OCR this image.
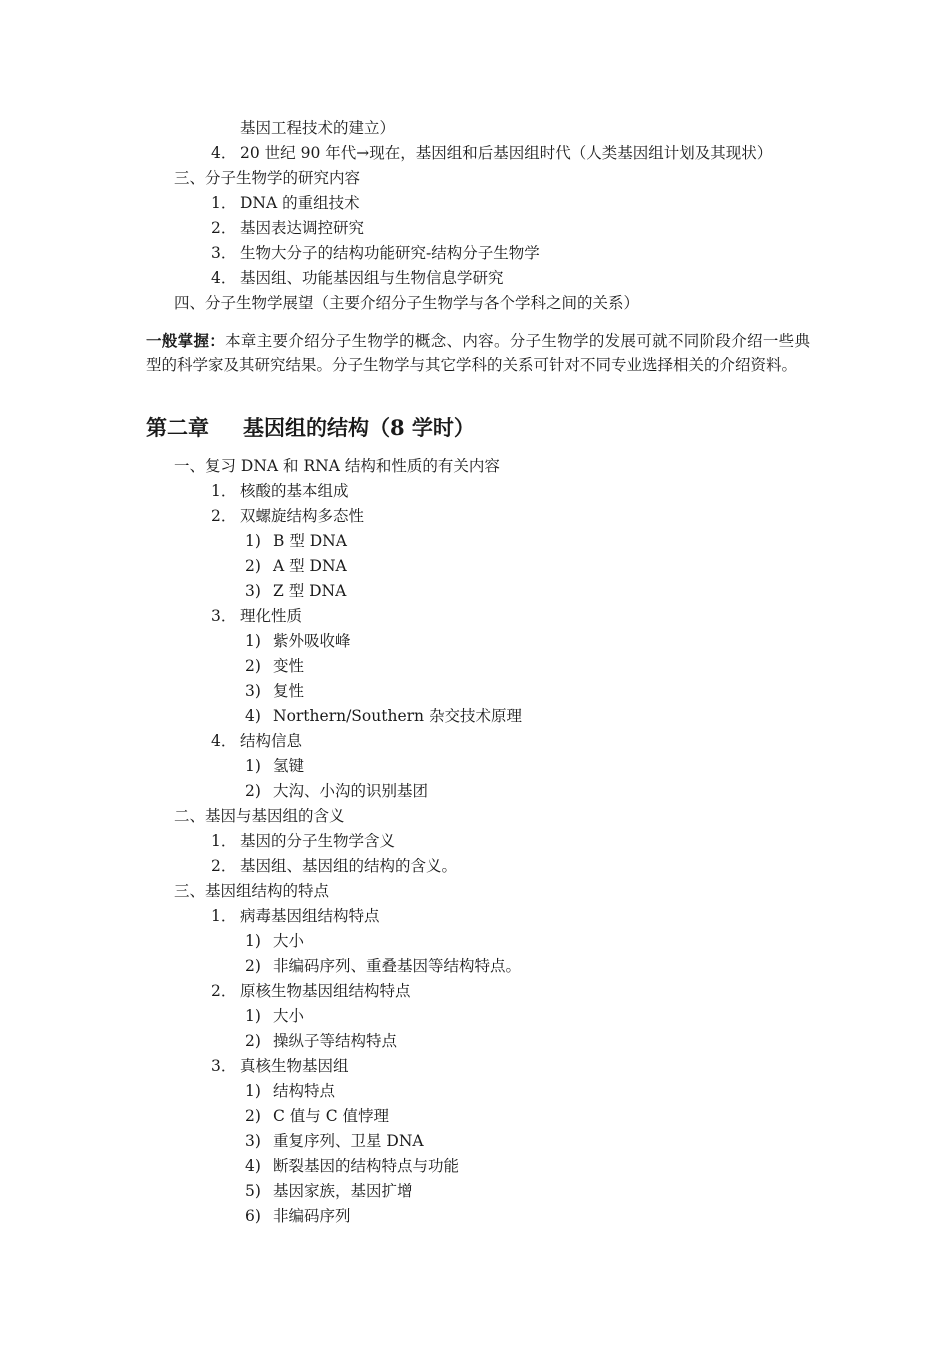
基因工程技术的建立）
4． 20 世纪 90 年代→现在，基因组和后基因组时代（人类基因组计划及其现状）
三、分子生物学的研究内容
1． DNA 的重组技术
2． 基因表达调控研究
3． 生物大分子的结构功能研究-结构分子生物学
4． 基因组、功能基因组与生物信息学研究
四、分子生物学展望（主要介绍分子生物学与各个学科之间的关系）
一般掌握：本章主要介绍分子生物学的概念、内容。分子生物学的发展可就不同阶段介绍一些典型的科学家及其研究结果。分子生物学与其它学科的关系可针对不同专业选择相关的介绍资料。
第二章 基因组的结构（8 学时）
一、复习 DNA 和 RNA 结构和性质的有关内容
1． 核酸的基本组成
2． 双螺旋结构多态性
1) B 型 DNA
2) A 型 DNA
3) Z 型 DNA
3． 理化性质
1) 紫外吸收峰
2) 变性
3) 复性
4) Northern/Southern 杂交技术原理
4． 结构信息
1) 氢键
2) 大沟、小沟的识别基团
二、基因与基因组的含义
1． 基因的分子生物学含义
2． 基因组、基因组的结构的含义。
三、基因组结构的特点
1． 病毒基因组结构特点
1) 大小
2) 非编码序列、重叠基因等结构特点。
2． 原核生物基因组结构特点
1) 大小
2) 操纵子等结构特点
3． 真核生物基因组
1) 结构特点
2) C 值与 C 值悖理
3) 重复序列、卫星 DNA
4) 断裂基因的结构特点与功能
5) 基因家族，基因扩增
6) 非编码序列
